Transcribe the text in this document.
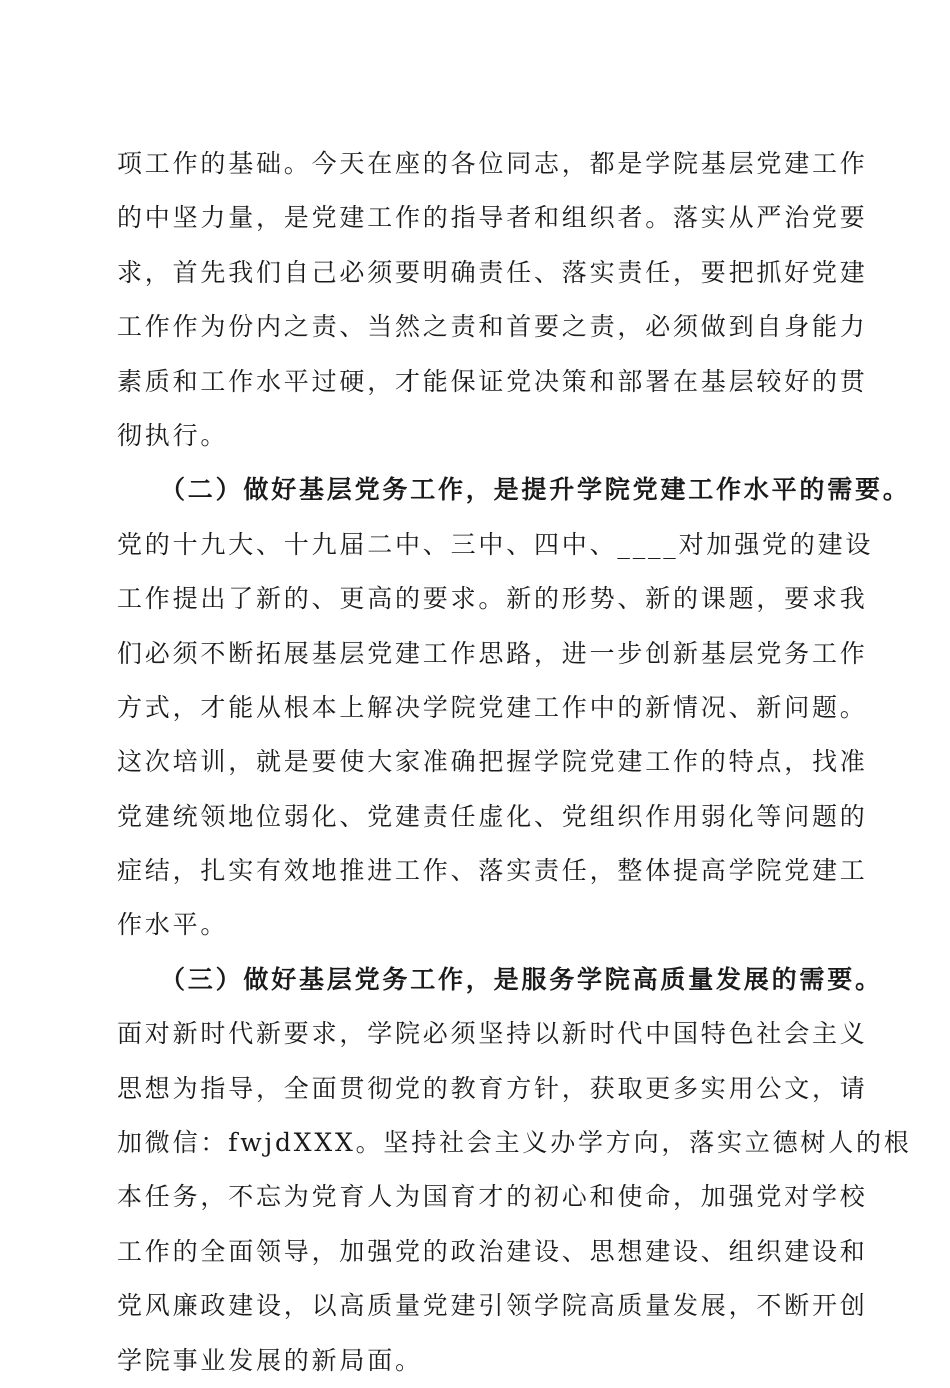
项工作的基础。今天在座的各位同志，都是学院基层党建工作
的中坚力量，是党建工作的指导者和组织者。落实从严治党要
求，首先我们自己必须要明确责任、落实责任，要把抓好党建
工作作为份内之责、当然之责和首要之责，必须做到自身能力
素质和工作水平过硬，才能保证党决策和部署在基层较好的贯
彻执行。
（二）做好基层党务工作，是提升学院党建工作水平的需要。
党的十九大、十九届二中、三中、四中、____对加强党的建设
工作提出了新的、更高的要求。新的形势、新的课题，要求我
们必须不断拓展基层党建工作思路，进一步创新基层党务工作
方式，才能从根本上解决学院党建工作中的新情况、新问题。
这次培训，就是要使大家准确把握学院党建工作的特点，找准
党建统领地位弱化、党建责任虚化、党组织作用弱化等问题的
症结，扎实有效地推进工作、落实责任，整体提高学院党建工
作水平。
（三）做好基层党务工作，是服务学院高质量发展的需要。
面对新时代新要求，学院必须坚持以新时代中国特色社会主义
思想为指导，全面贯彻党的教育方针，获取更多实用公文，请
加微信：fwjdXXX。坚持社会主义办学方向，落实立德树人的根
本任务，不忘为党育人为国育才的初心和使命，加强党对学校
工作的全面领导，加强党的政治建设、思想建设、组织建设和
党风廉政建设，以高质量党建引领学院高质量发展，不断开创
学院事业发展的新局面。
